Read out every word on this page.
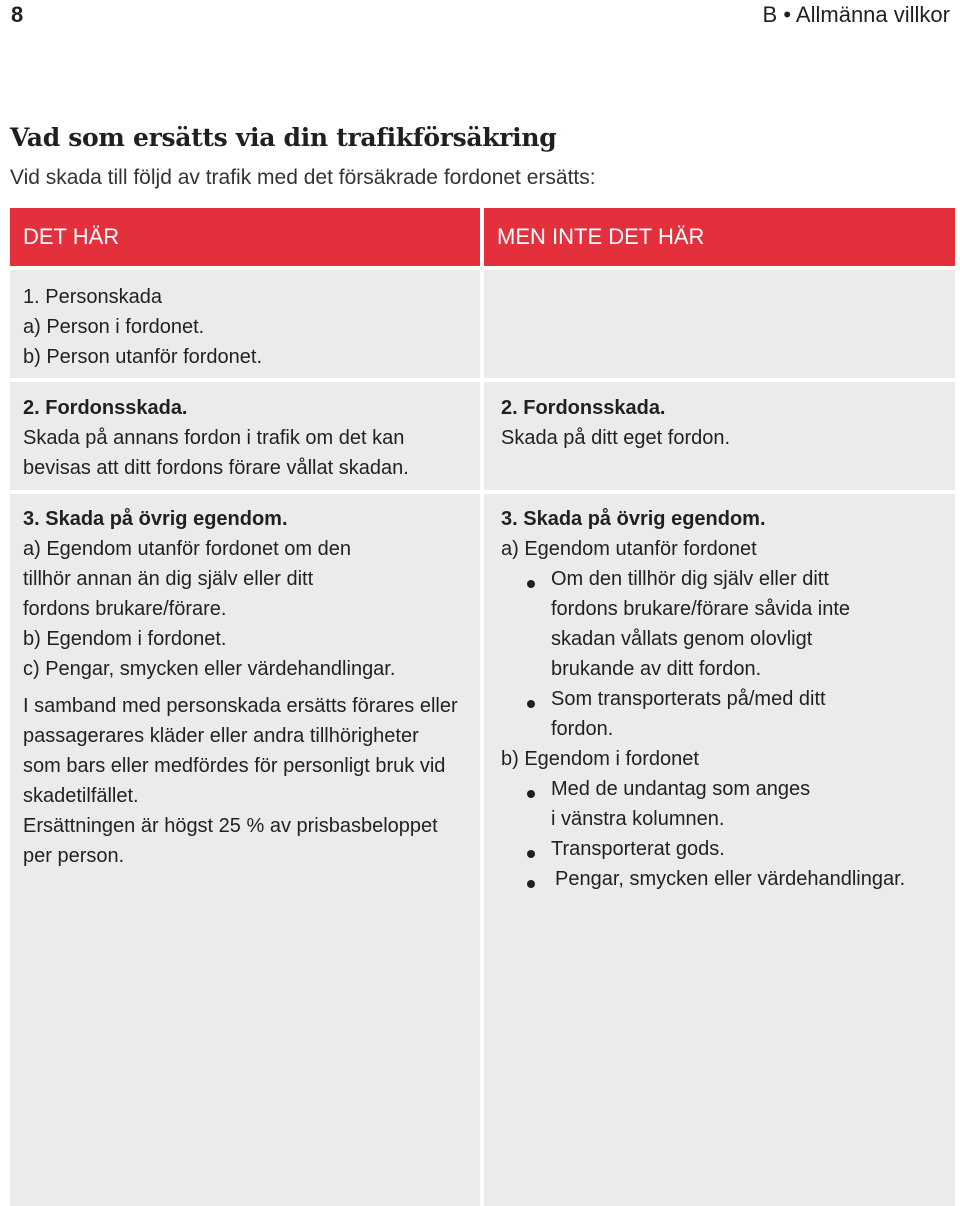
8	B • Allmänna villkor
Vad som ersätts via din trafikförsäkring
Vid skada till följd av trafik med det försäkrade fordonet ersätts:
DET HÄR	MEN INTE DET HÄR
1. Personskada
a) Person i fordonet.
b) Person utanför fordonet.
2. Fordonsskada.
Skada på annans fordon i trafik om det kan
bevisas att ditt fordons förare vållat skadan.
2. Fordonsskada.
Skada på ditt eget fordon.
3. Skada på övrig egendom.
a) Egendom utanför fordonet om den
tillhör annan än dig själv eller ditt
fordons brukare/förare.
b) Egendom i fordonet.
c) Pengar, smycken eller värdehandlingar.
I samband med personskada ersätts förares eller
passagerares kläder eller andra tillhörigheter
som bars eller medfördes för personligt bruk vid
skadetilfället.
Ersättningen är högst 25 % av prisbasbeloppet
per person.
3. Skada på övrig egendom.
a) Egendom utanför fordonet
Om den tillhör dig själv eller ditt
fordons brukare/förare såvida inte
skadan vållats genom olovligt
brukande av ditt fordon.
Som transporterats på/med ditt
fordon.
b) Egendom i fordonet
Med de undantag som anges
i vänstra kolumnen.
Transporterat gods.
Pengar, smycken eller värdehandlingar.
